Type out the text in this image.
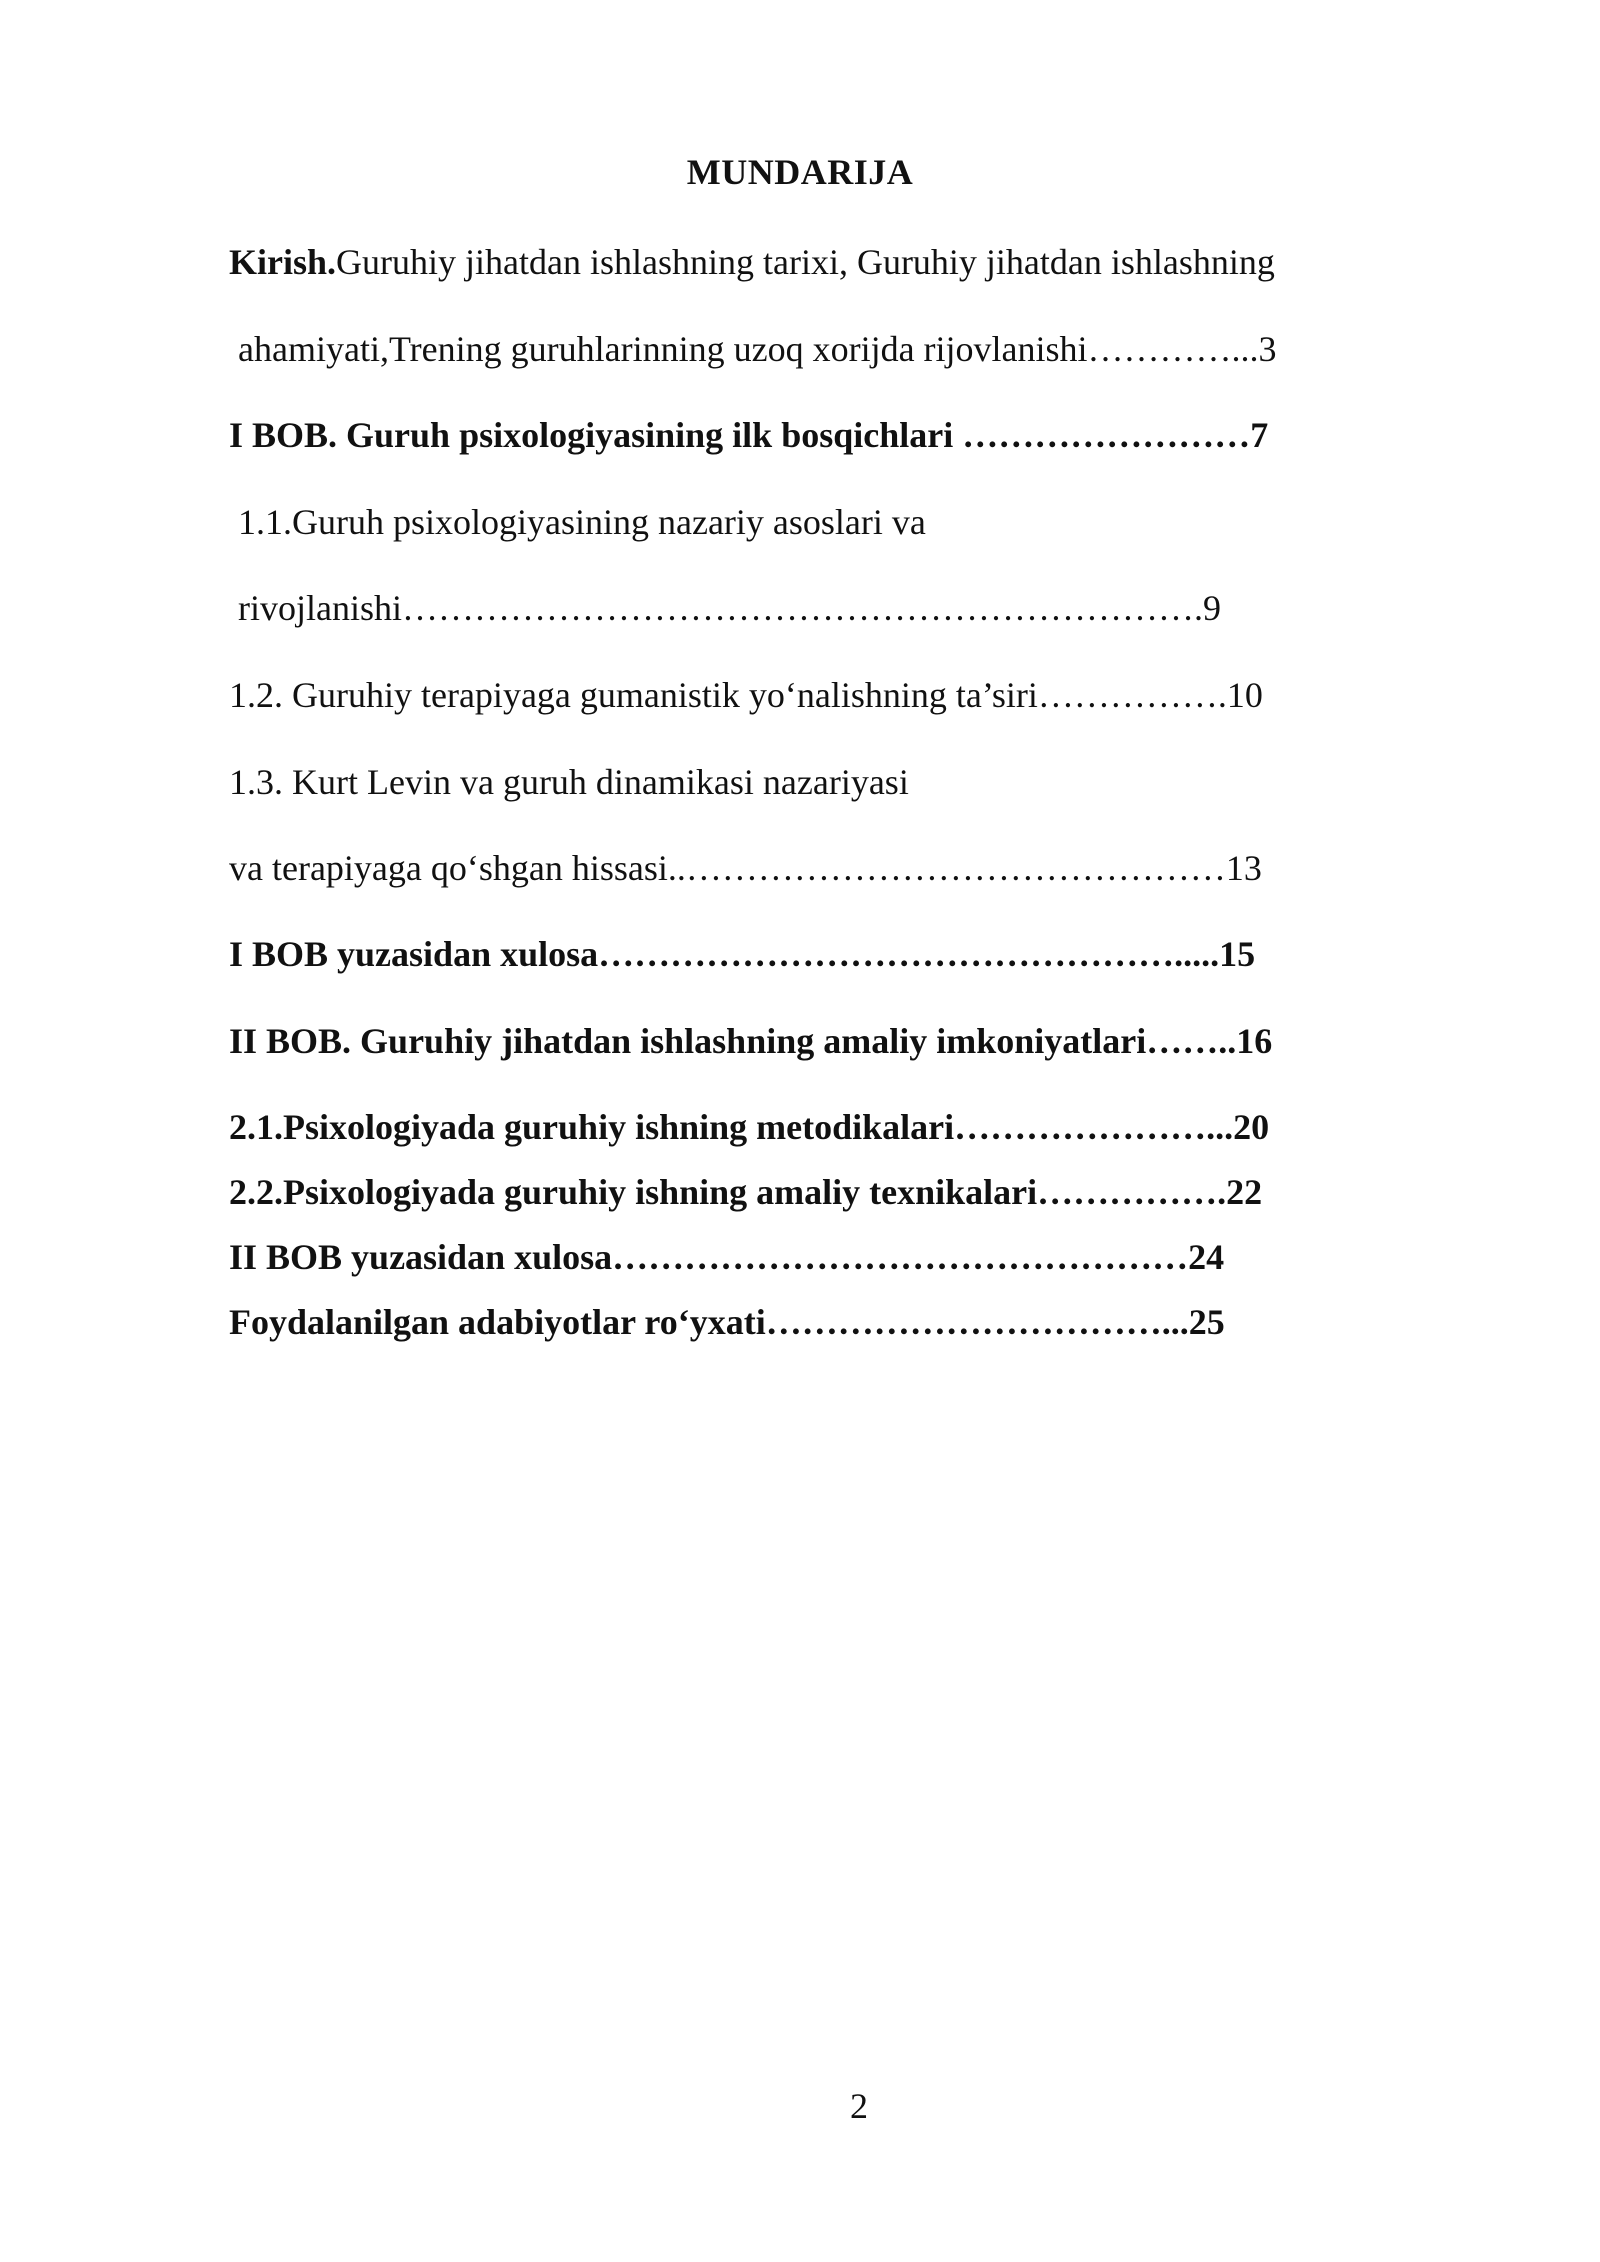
MUNDARIJA
Kirish.Guruhiy jihatdan ishlashning tarixi, Guruhiy jihatdan ishlashning
ahamiyati,Trening guruhlarinning uzoq xorijda rijovlanishi…………...3
I BOB. Guruh psixologiyasining ilk bosqichlari ……………………7
1.1.Guruh psixologiyasining nazariy asoslari va
rivojlanishi………………………………………………………….9
1.2. Guruhiy terapiyaga gumanistik yo‘nalishning ta’siri…………….10
1.3. Kurt Levin va guruh dinamikasi nazariyasi
va terapiyaga qo‘shgan hissasi..………………………………………13
I BOB yuzasidan xulosa………………………………………….....15
II BOB. Guruhiy jihatdan ishlashning amaliy imkoniyatlari……..16
2.1.Psixologiyada guruhiy ishning metodikalari…………………...20
2.2.Psixologiyada guruhiy ishning amaliy texnikalari…………….22
II BOB yuzasidan xulosa…………………………………………24
Foydalanilgan adabiyotlar ro‘yxati……………………………...25
2
